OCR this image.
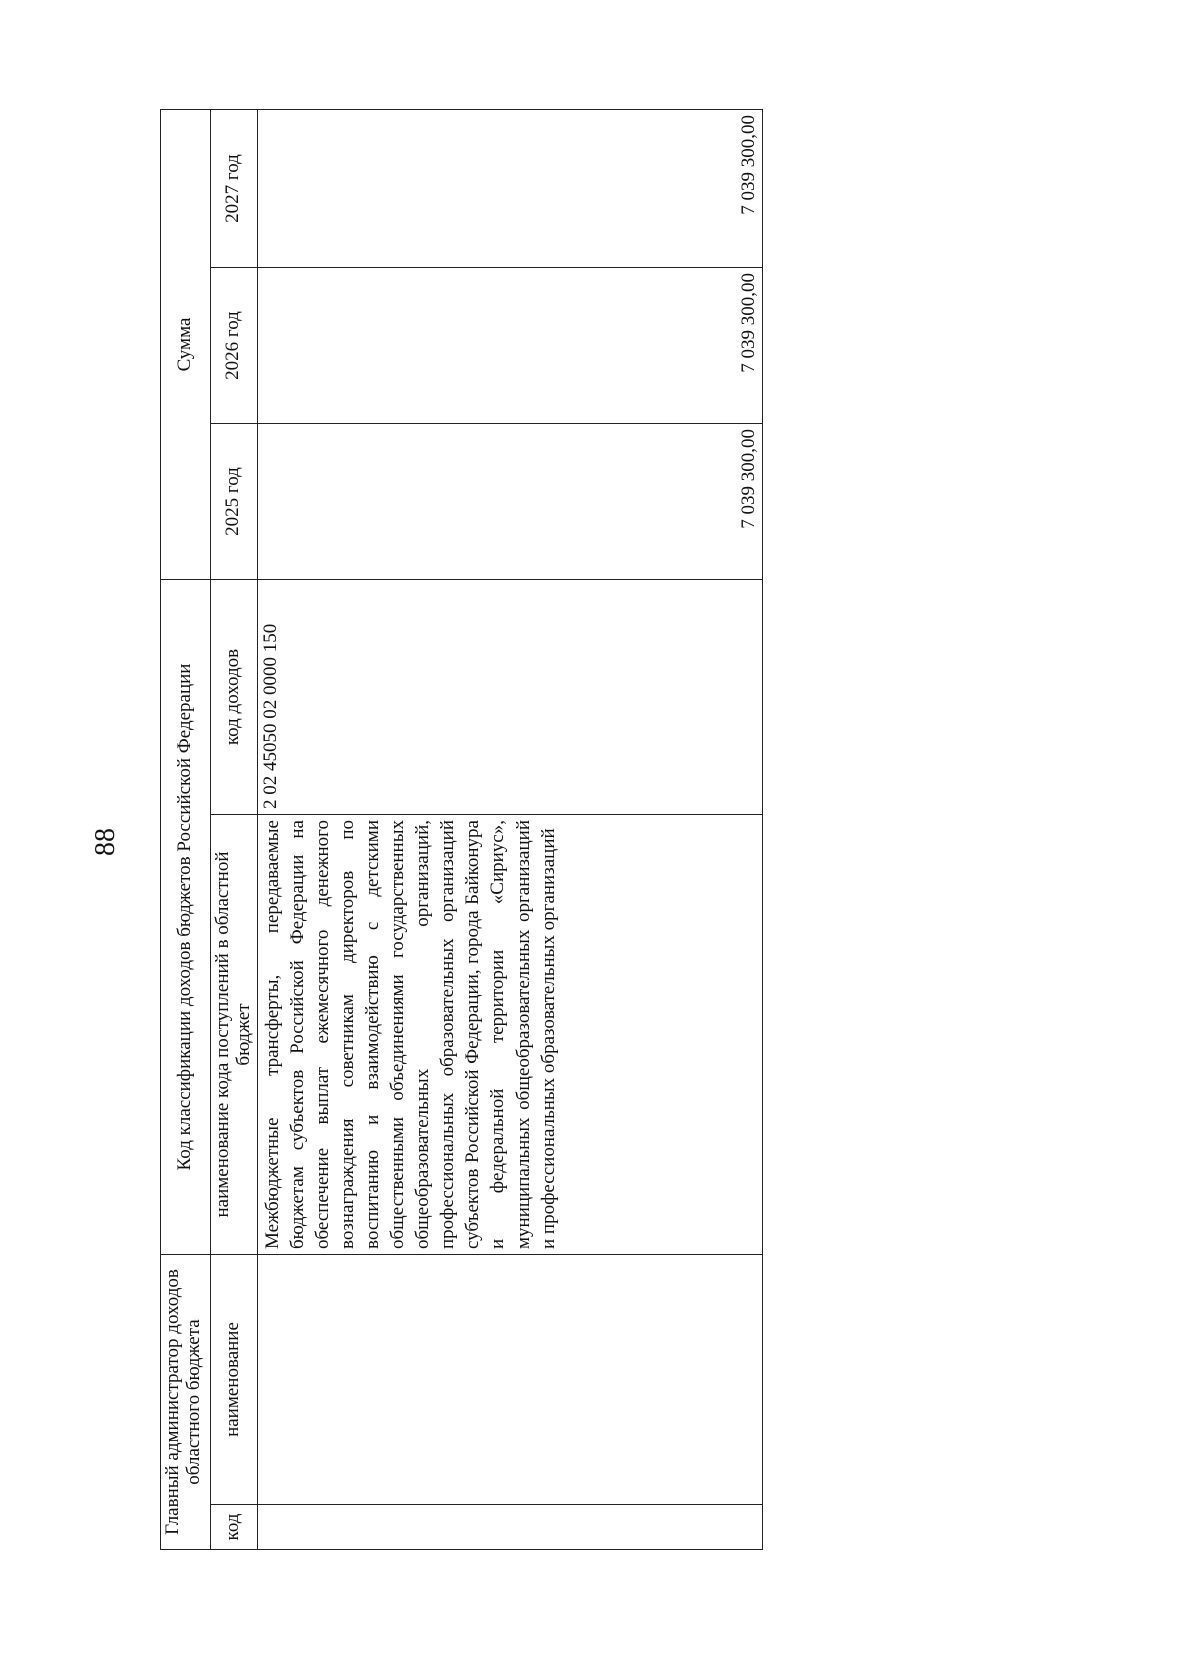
88
Главный администратор доходов областного бюджета		Код классификации доходов бюджетов Российской Федерации		Сумма		
код	наименование	наименование кода поступлений в областной бюджет	код доходов	2025 год	2026 год	2027 год
		Межбюджетные трансферты, передаваемые бюджетам субъектов Российской Федерации на обеспечение выплат ежемесячного денежного вознаграждения советникам директоров по воспитанию и взаимодействию с детскими общественными объединениями государственных общеобразовательных организаций, профессиональных образовательных организаций субъектов Российской Федерации, города Байконура и федеральной территории «Сириус», муниципальных общеобразовательных организаций и профессиональных образовательных организаций	2 02 45050 02 0000 150	7 039 300,00	7 039 300,00	7 039 300,00
